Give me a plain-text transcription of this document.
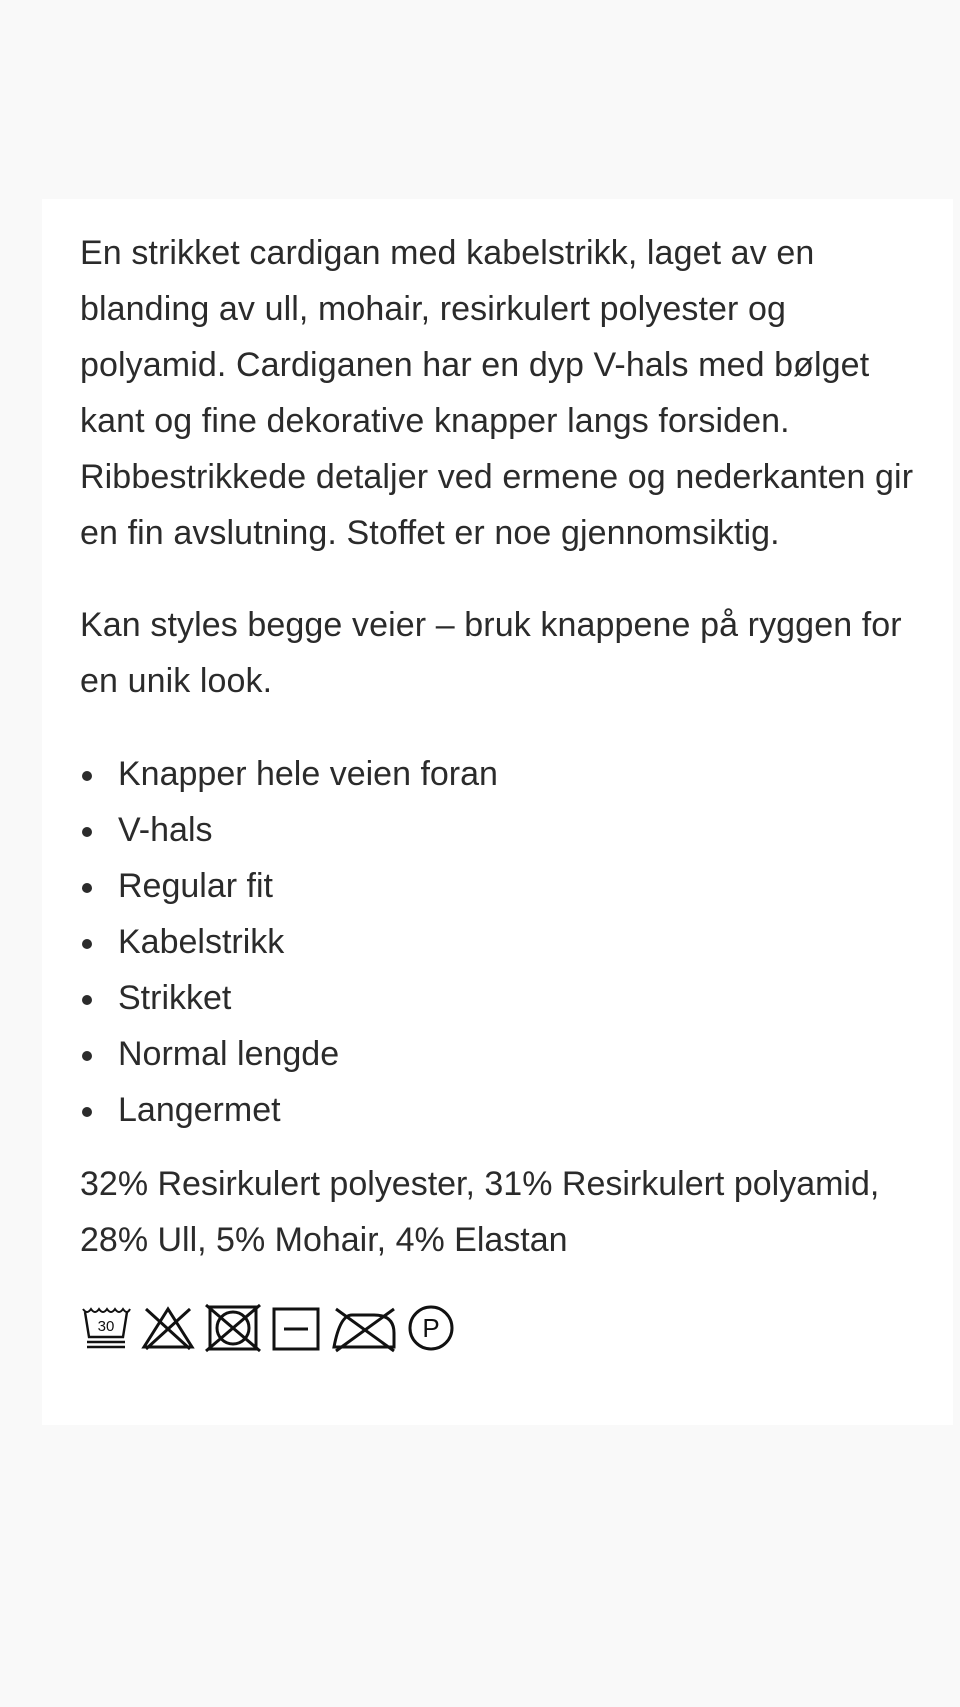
En strikket cardigan med kabelstrikk, laget av en blanding av ull, mohair, resirkulert polyester og polyamid. Cardiganen har en dyp V-hals med bølget kant og fine dekorative knapper langs forsiden. Ribbestrikkede detaljer ved ermene og nederkanten gir en fin avslutning. Stoffet er noe gjennomsiktig.

Kan styles begge veier – bruk knappene på ryggen for en unik look.

Knapper hele veien foran
V-hals
Regular fit
Kabelstrikk
Strikket
Normal lengde
Langermet

32% Resirkulert polyester, 31% Resirkulert polyamid, 28% Ull, 5% Mohair, 4% Elastan

30	P
